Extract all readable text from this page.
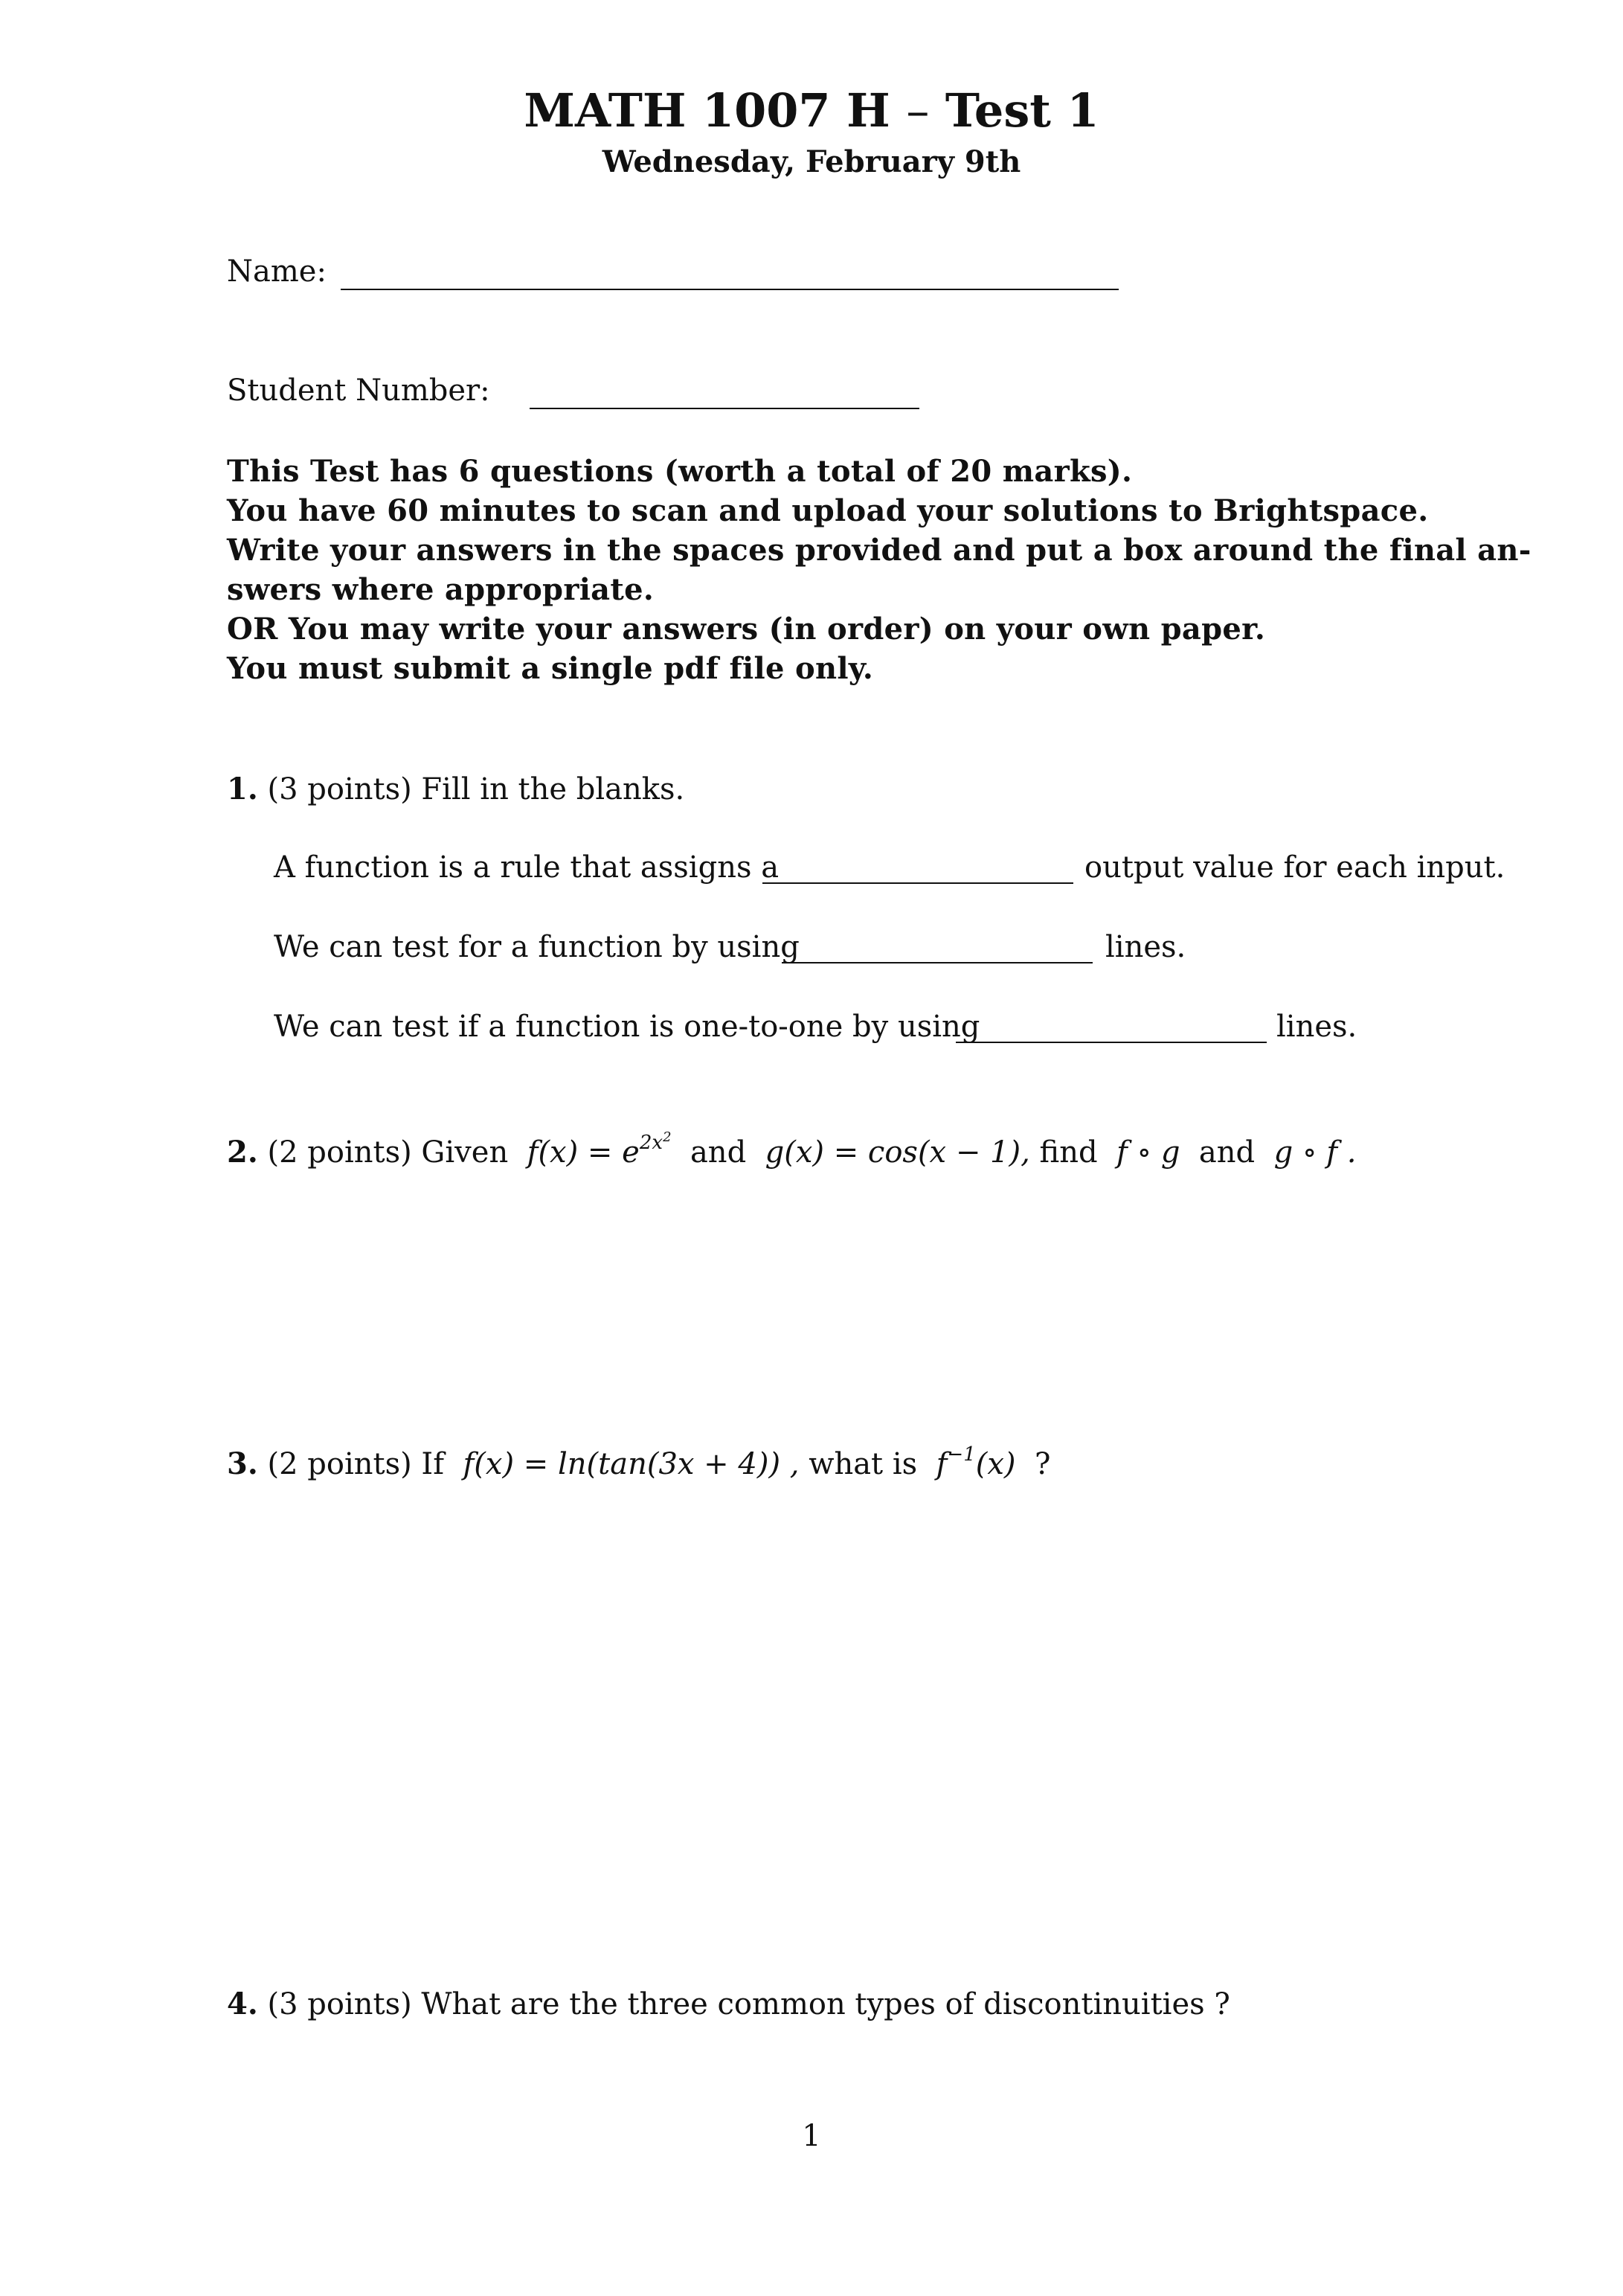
MATH 1007 H – Test 1
Wednesday, February 9th
Name:
Student Number:
This Test has 6 questions (worth a total of 20 marks).
You have 60 minutes to scan and upload your solutions to Brightspace.
Write your answers in the spaces provided and put a box around the final an-
swers where appropriate.
OR You may write your answers (in order) on your own paper.
You must submit a single pdf file only.
1. (3 points) Fill in the blanks.
A function is a rule that assigns a	output value for each input.
We can test for a function by using	lines.
We can test if a function is one-to-one by using	lines.
2. (2 points) Given $f(x) = e^{2x^2}$ and g(x) = cos(x − 1), find f ∘ g and g ∘ f .
3. (2 points) If f(x) = ln(tan(3x + 4)) , what is $f^{-1}(x)$ ?
4. (3 points) What are the three common types of discontinuities ?
1
